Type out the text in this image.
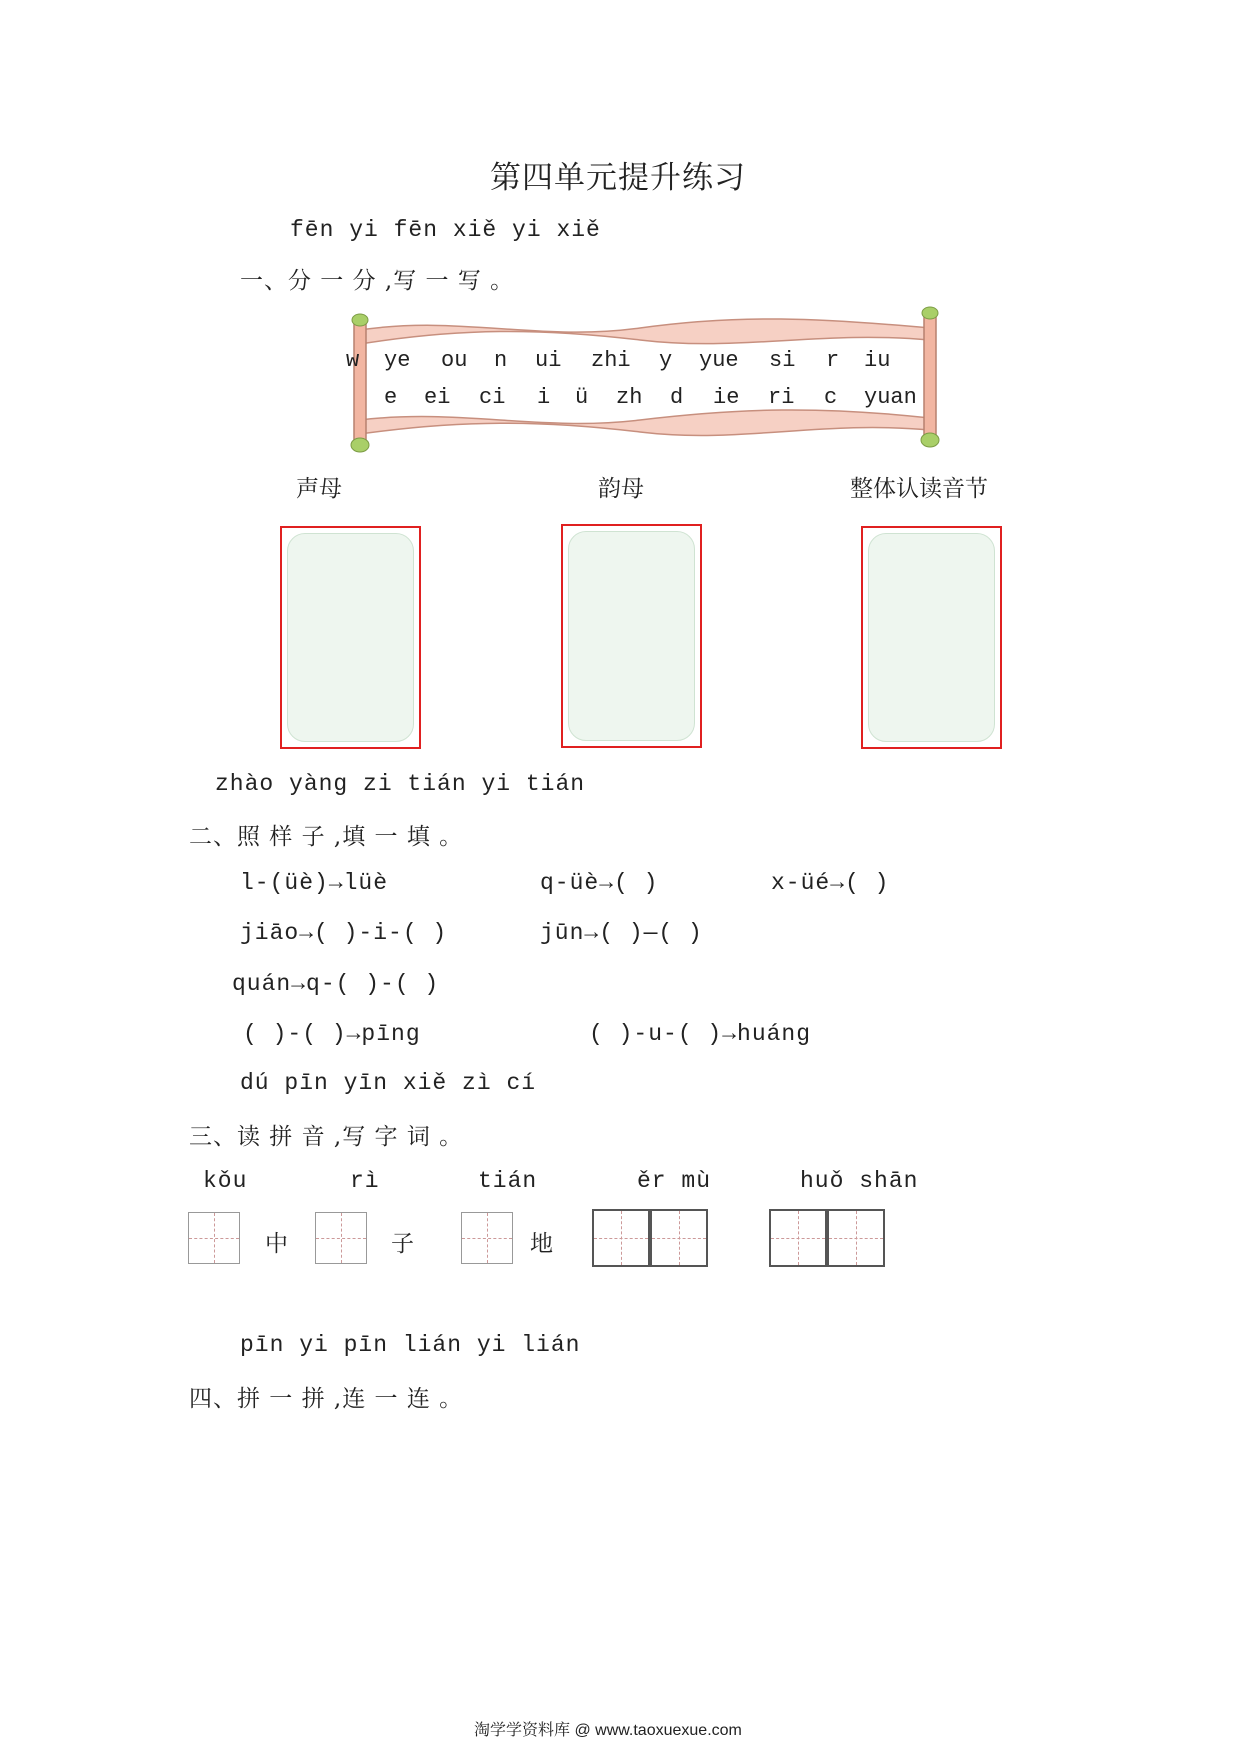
第四单元提升练习
fēn yi fēn xiě yi xiě
一、分 一 分 ,写 一 写 。
w ye ou n ui zhi y yue si r iu
e ei ci i ü zh d ie ri c yuan
声母	韵母	整体认读音节
zhào yàng zi tián yi tián
二、照 样 子 ,填 一 填 。
l-(üè)→lüè	q-üè→( )	x-üé→( )
jiāo→( )-i-( )	jūn→( )—( )
quán→q-( )-( )
( )-( )→pīng	( )-u-( )→huáng
dú pīn yīn xiě zì cí
三、读 拼 音 ,写 字 词 。
kǒu	rì	tián	ěr mù	huǒ shān
中	子	地
pīn yi pīn lián yi lián
四、拼 一 拼 ,连 一 连 。
淘学学资料库 @ www.taoxuexue.com
